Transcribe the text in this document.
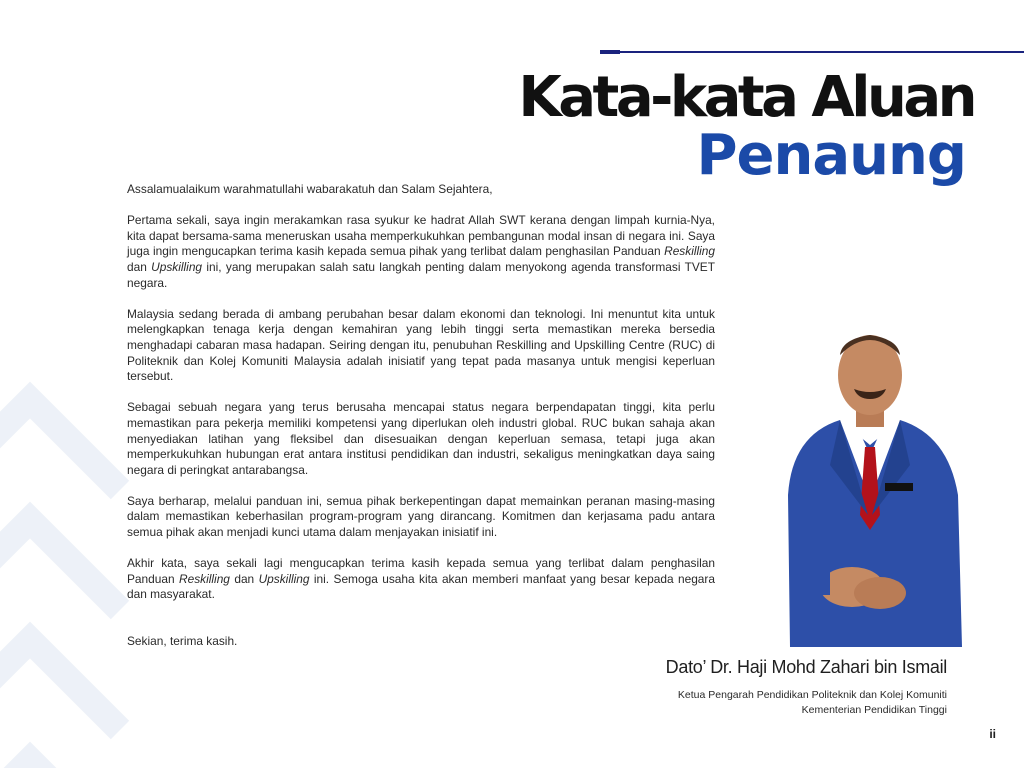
Kata-kata Aluan
Penaung

Assalamualaikum warahmatullahi wabarakatuh dan Salam Sejahtera,

Pertama sekali, saya ingin merakamkan rasa syukur ke hadrat Allah SWT kerana dengan limpah kurnia-Nya, kita dapat bersama-sama meneruskan usaha memperkukuhkan pembangunan modal insan di negara ini. Saya juga ingin mengucapkan terima kasih kepada semua pihak yang terlibat dalam penghasilan Panduan Reskilling dan Upskilling ini, yang merupakan salah satu langkah penting dalam menyokong agenda transformasi TVET negara.

Malaysia sedang berada di ambang perubahan besar dalam ekonomi dan teknologi. Ini menuntut kita untuk melengkapkan tenaga kerja dengan kemahiran yang lebih tinggi serta memastikan mereka bersedia menghadapi cabaran masa hadapan. Seiring dengan itu, penubuhan Reskilling and Upskilling Centre (RUC) di Politeknik dan Kolej Komuniti Malaysia adalah inisiatif yang tepat pada masanya untuk mengisi keperluan tersebut.

Sebagai sebuah negara yang terus berusaha mencapai status negara berpendapatan tinggi, kita perlu memastikan para pekerja memiliki kompetensi yang diperlukan oleh industri global. RUC bukan sahaja akan menyediakan latihan yang fleksibel dan disesuaikan dengan keperluan semasa, tetapi juga akan memperkukuhkan hubungan erat antara institusi pendidikan dan industri, sekaligus meningkatkan daya saing negara di peringkat antarabangsa.

Saya berharap, melalui panduan ini, semua pihak berkepentingan dapat memainkan peranan masing-masing dalam memastikan keberhasilan program-program yang dirancang. Komitmen dan kerjasama padu antara semua pihak akan menjadi kunci utama dalam menjayakan inisiatif ini.

Akhir kata, saya sekali lagi mengucapkan terima kasih kepada semua yang terlibat dalam penghasilan Panduan Reskilling dan Upskilling ini. Semoga usaha kita akan memberi manfaat yang besar kepada negara dan masyarakat.

Sekian, terima kasih.

Dato’ Dr. Haji Mohd Zahari bin Ismail
Ketua Pengarah Pendidikan Politeknik dan Kolej Komuniti
Kementerian Pendidikan Tinggi
ii
